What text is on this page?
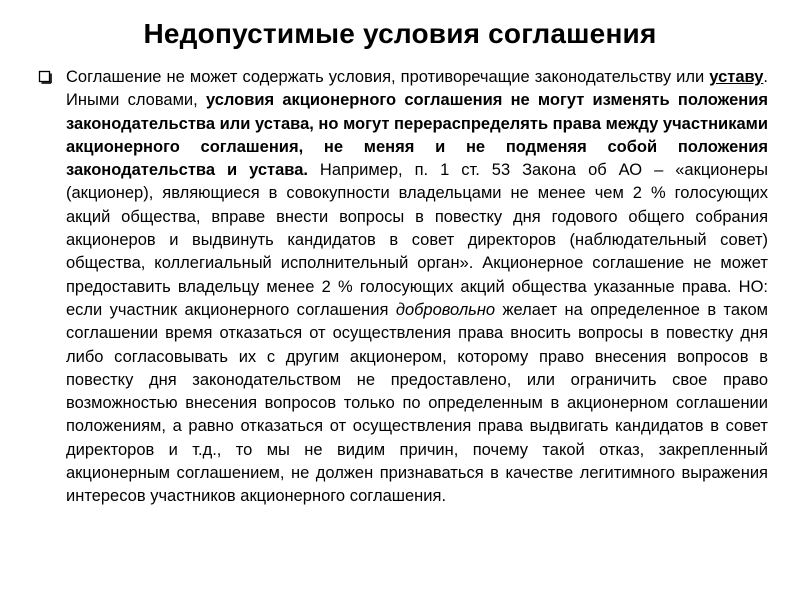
Недопустимые условия соглашения
Соглашение не может содержать условия, противоречащие законодательству или уставу. Иными словами, условия акционерного соглашения не могут изменять положения законодательства или устава, но могут перераспределять права между участниками акционерного соглашения, не меняя и не подменяя собой положения законодательства и устава. Например, п. 1 ст. 53 Закона об АО – «акционеры (акционер), являющиеся в совокупности владельцами не менее чем 2 % голосующих акций общества, вправе внести вопросы в повестку дня годового общего собрания акционеров и выдвинуть кандидатов в совет директоров (наблюдательный совет) общества, коллегиальный исполнительный орган». Акционерное соглашение не может предоставить владельцу менее 2 % голосующих акций общества указанные права. НО: если участник акционерного соглашения добровольно желает на определенное в таком соглашении время отказаться от осуществления права вносить вопросы в повестку дня либо согласовывать их с другим акционером, которому право внесения вопросов в повестку дня законодательством не предоставлено, или ограничить свое право возможностью внесения вопросов только по определенным в акционерном соглашении положениям, а равно отказаться от осуществления права выдвигать кандидатов в совет директоров и т.д., то мы не видим причин, почему такой отказ, закрепленный акционерным соглашением, не должен признаваться в качестве легитимного выражения интересов участников акционерного соглашения.
